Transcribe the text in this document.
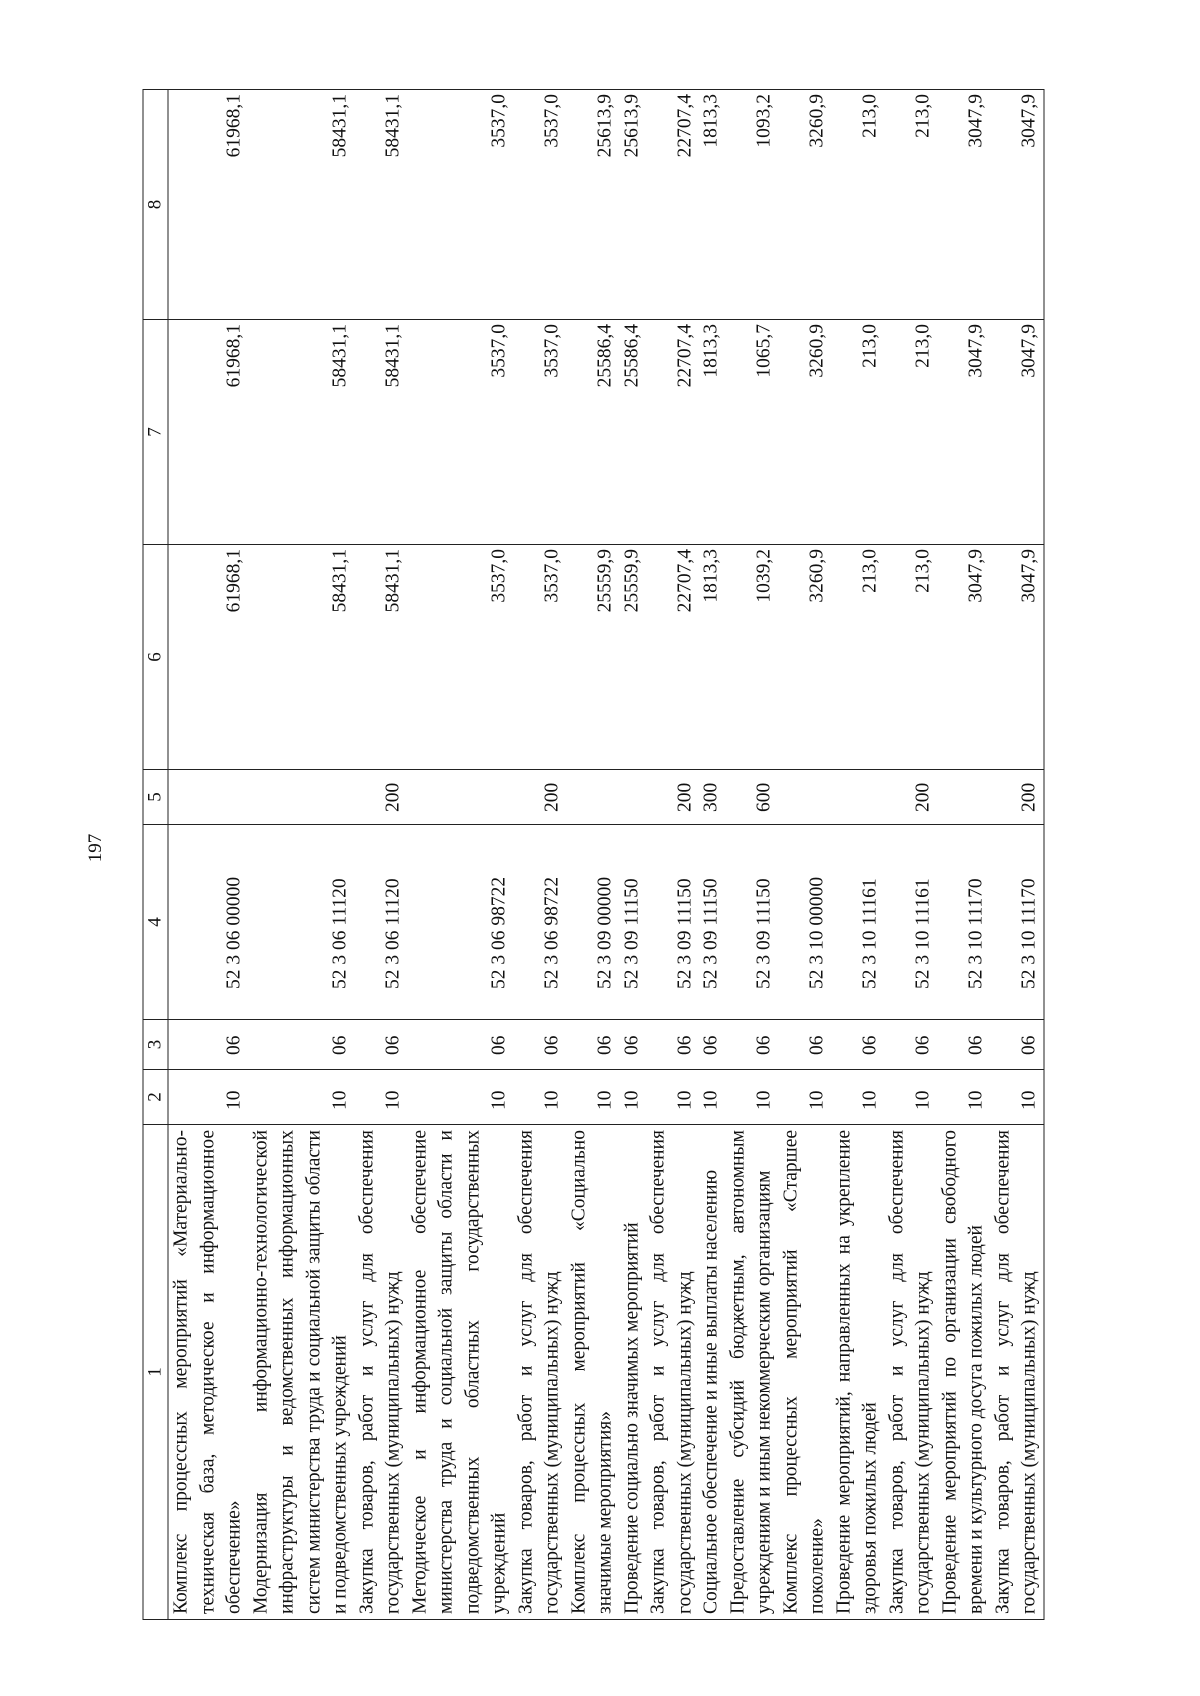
197
1	2	3	4	5	6	7	8
Комплекс процессных мероприятий «Материально-техническая база, методическое и информационное обеспечение»	10	06	52 3 06 00000		61968,1	61968,1	61968,1
Модернизация информационно-технологической инфраструктуры и ведомственных информационных систем министерства труда и социальной защиты области и подведомственных учреждений	10	06	52 3 06 11120		58431,1	58431,1	58431,1
Закупка товаров, работ и услуг для обеспечения государственных (муниципальных) нужд	10	06	52 3 06 11120	200	58431,1	58431,1	58431,1
Методическое и информационное обеспечение министерства труда и социальной защиты области и подведомственных областных государственных учреждений	10	06	52 3 06 98722		3537,0	3537,0	3537,0
Закупка товаров, работ и услуг для обеспечения государственных (муниципальных) нужд	10	06	52 3 06 98722	200	3537,0	3537,0	3537,0
Комплекс процессных мероприятий «Социально значимые мероприятия»	10	06	52 3 09 00000		25559,9	25586,4	25613,9
Проведение социально значимых мероприятий	10	06	52 3 09 11150		25559,9	25586,4	25613,9
Закупка товаров, работ и услуг для обеспечения государственных (муниципальных) нужд	10	06	52 3 09 11150	200	22707,4	22707,4	22707,4
Социальное обеспечение и иные выплаты населению	10	06	52 3 09 11150	300	1813,3	1813,3	1813,3
Предоставление субсидий бюджетным, автономным учреждениям и иным некоммерческим организациям	10	06	52 3 09 11150	600	1039,2	1065,7	1093,2
Комплекс процессных мероприятий «Старшее поколение»	10	06	52 3 10 00000		3260,9	3260,9	3260,9
Проведение мероприятий, направленных на укрепление здоровья пожилых людей	10	06	52 3 10 11161		213,0	213,0	213,0
Закупка товаров, работ и услуг для обеспечения государственных (муниципальных) нужд	10	06	52 3 10 11161	200	213,0	213,0	213,0
Проведение мероприятий по организации свободного времени и культурного досуга пожилых людей	10	06	52 3 10 11170		3047,9	3047,9	3047,9
Закупка товаров, работ и услуг для обеспечения государственных (муниципальных) нужд	10	06	52 3 10 11170	200	3047,9	3047,9	3047,9
